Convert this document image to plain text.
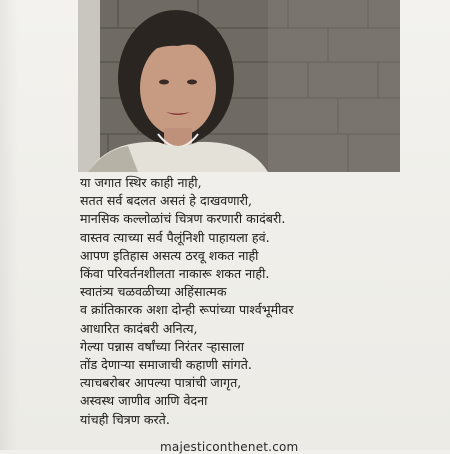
या जगात स्थिर काही नाही,
सतत सर्व बदलत असतं हे दाखवणारी,
मानसिक कल्लोळांचं चित्रण करणारी कादंबरी.
वास्तव त्याच्या सर्व पैलूंनिशी पाहायला हवं.
आपण इतिहास असत्य ठरवू शकत नाही
किंवा परिवर्तनशीलता नाकारू शकत नाही.
स्वातंत्र्य चळवळीच्या अहिंसात्मक
व क्रांतिकारक अशा दोन्ही रूपांच्या पार्श्वभूमीवर
आधारित कादंबरी अनित्य,
गेल्या पन्नास वर्षांच्या निरंतर ऱ्हासाला
तोंड देणाऱ्या समाजाची कहाणी सांगते.
त्याचबरोबर आपल्या पात्रांची जागृत,
अस्वस्थ जाणीव आणि वेदना
यांचही चित्रण करते.
majesticonthenet.com
